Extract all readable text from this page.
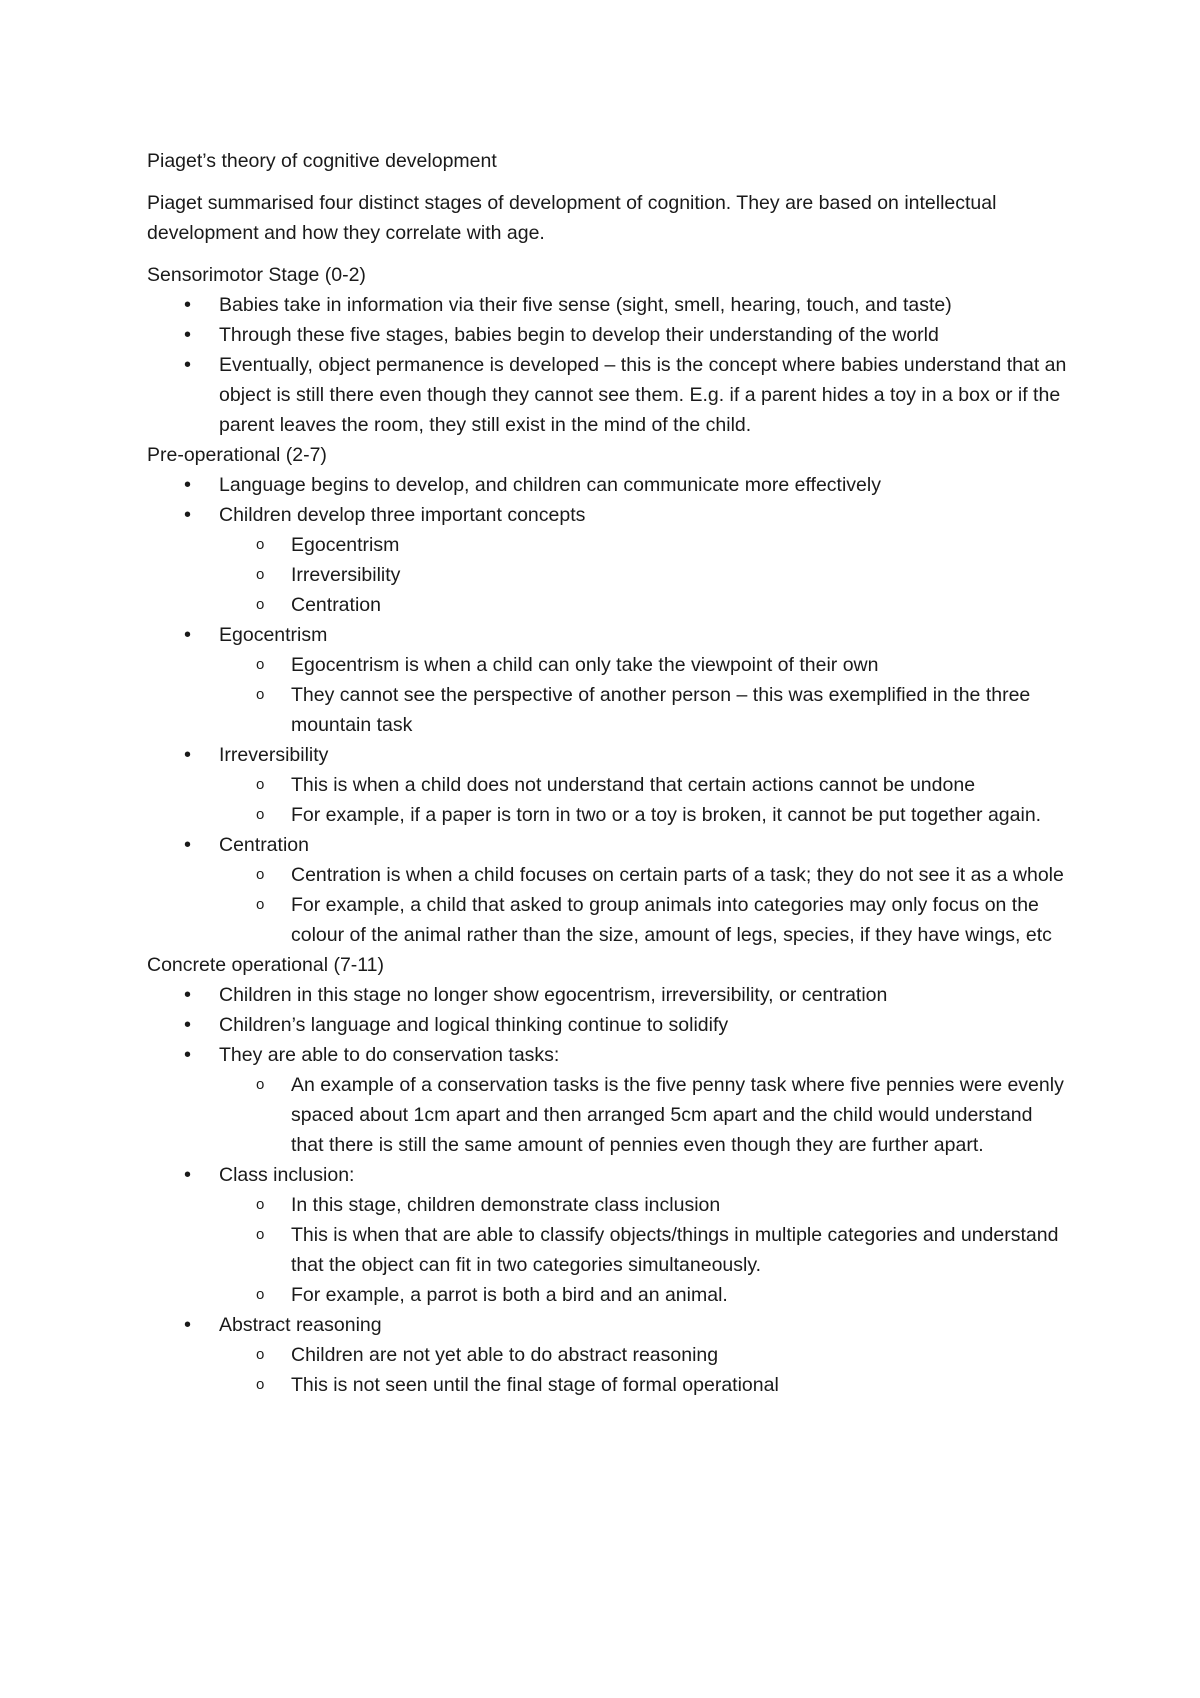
Piaget’s theory of cognitive development

Piaget summarised four distinct stages of development of cognition. They are based on intellectual development and how they correlate with age.

Sensorimotor Stage (0-2)

• Babies take in information via their five sense (sight, smell, hearing, touch, and taste)
• Through these five stages, babies begin to develop their understanding of the world
• Eventually, object permanence is developed – this is the concept where babies understand that an object is still there even though they cannot see them. E.g. if a parent hides a toy in a box or if the parent leaves the room, they still exist in the mind of the child.

Pre-operational (2-7)

• Language begins to develop, and children can communicate more effectively
• Children develop three important concepts
o Egocentrism
o Irreversibility
o Centration
• Egocentrism
o Egocentrism is when a child can only take the viewpoint of their own
o They cannot see the perspective of another person – this was exemplified in the three mountain task
• Irreversibility
o This is when a child does not understand that certain actions cannot be undone
o For example, if a paper is torn in two or a toy is broken, it cannot be put together again.
• Centration
o Centration is when a child focuses on certain parts of a task; they do not see it as a whole
o For example, a child that asked to group animals into categories may only focus on the colour of the animal rather than the size, amount of legs, species, if they have wings, etc

Concrete operational (7-11)

• Children in this stage no longer show egocentrism, irreversibility, or centration
• Children’s language and logical thinking continue to solidify
• They are able to do conservation tasks:
o An example of a conservation tasks is the five penny task where five pennies were evenly spaced about 1cm apart and then arranged 5cm apart and the child would understand that there is still the same amount of pennies even though they are further apart.
• Class inclusion:
o In this stage, children demonstrate class inclusion
o This is when that are able to classify objects/things in multiple categories and understand that the object can fit in two categories simultaneously.
o For example, a parrot is both a bird and an animal.
• Abstract reasoning
o Children are not yet able to do abstract reasoning
o This is not seen until the final stage of formal operational
